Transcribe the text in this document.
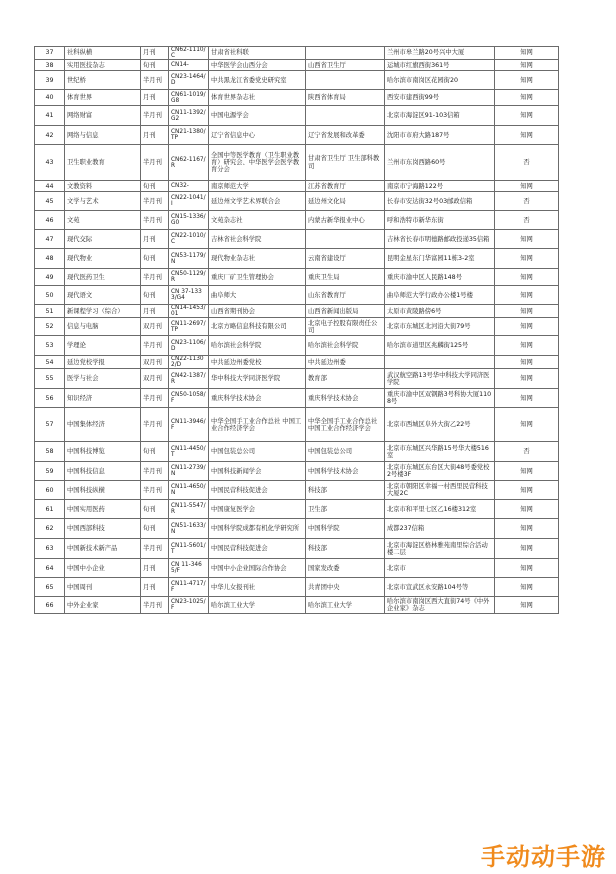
37	社科纵横	月刊	CN62-1110/C	甘肃省社科联		兰州市皋兰路20号兴中大厦	知网
38	实用医技杂志	旬刊	CN14-	中华医学会山西分会	山西省卫生厅	运城市红旗西街361号	知网
39	世纪桥	半月刊	CN23-1464/D	中共黑龙江省委党史研究室		哈尔滨市南岗区花园街20	知网
40	体育世界	月刊	CN61-1019/G8	体育世界杂志社	陕西省体育局	西安市建西街99号	知网
41	网络财富	半月刊	CN11-1392/G2	中国电源学会		北京市海淀区91-103信箱	知网
42	网络与信息	月刊	CN21-1380/TP	辽宁省信息中心	辽宁省发展和改革委	沈阳市市府大路187号	知网
43	卫生职业教育	半月刊	CN62-1167/R	全国中等医学教育（卫生职业教育）研究会、中华医学会医学教育分会	甘肃省卫生厅 卫生部科教司	兰州市东岗西路60号	否
44	文教资料	旬刊	CN32-	南京师范大学	江苏省教育厅	南京市宁海路122号	知网
45	文学与艺术	半月刊	CN22-1041/I	延边州文学艺术界联合会	延边州文化局	长春市安达街32号03邮政信箱	否
46	文苑	半月刊	CN15-1336/G0	文苑杂志社	内蒙古新华报业中心	呼和浩特市新华东街	否
47	现代交际	月刊	CN22-1010/C	吉林省社会科学院		吉林省长春市明德路邮政投递35信箱	知网
48	现代物业	旬刊	CN53-1179/N	现代物业杂志社	云南省建设厅	昆明金星东门华富园11栋3-2室	知网
49	现代医药卫生	半月刊	CN50-1129/R	重庆厂矿卫生管理协会	重庆卫生局	重庆市渝中区人民路148号	知网
50	现代语文	旬刊	CN 37-1333/G4	曲阜师大	山东省教育厅	曲阜师范大学行政办公楼1号楼	知网
51	新课程学习（综合）	月刊	CN14-1453/01	山西省期刊协会	山西省新闻出版局	太原市黄陵路傍6号	知网
52	信息与电脑	双月刊	CN11-2697/TP	北京方略信息科技有限公司	北京电子控股有限责任公司	北京市东城区北河沿大街79号	知网
53	学理论	半月刊	CN23-1106/D	哈尔滨社会科学院	哈尔滨社会科学院	哈尔滨市道里区兆麟街125号	知网
54	延边党校学报	双月刊	CN22-11302/D	中共延边州委党校	中共延边州委		知网
55	医学与社会	双月刊	CN42-1387/R	华中科技大学同济医学院	教育部	武汉航空路13号华中科技大学同济医学院	知网
56	知识经济	半月刊	CN50-1058/F	重庆科学技术协会	重庆科学技术协会	重庆市渝中区双钢路3号科协大厦1108号	知网
57	中国集体经济	半月刊	CN11-3946/F	中华全国手工业合作总社 中国工业合作经济学会	中华全国手工业合作总社中国工业合作经济学会	北京市西城区阜外大街乙22号	知网
58	中国科技博览	旬刊	CN11-4450/T	中国包装总公司	中国包装总公司	北京市东城区兴华路15号华大楼516室	否
59	中国科技信息	半月刊	CN11-2739/N	中国科技新闻学会	中国科学技术协会	北京市东城区东台区大街48号委党校2号楼3F	知网
60	中国科技纵横	半月刊	CN11-4650/N	中国民营科技促进会	科技部	北京市朝阳区幸福一村西里民营科技大厦2C	知网
61	中国实用医药	旬刊	CN11-5547/R	中国康复医学会	卫生部	北京市和平里七区乙16楼312室	知网
62	中国西部科技	旬刊	CN51-1633/N	中国科学院成都有机化学研究所	中国科学院	成都237信箱	知网
63	中国新技术新产品	半月刊	CN11-5601/T	中国民营科技促进会	科技部	北京市海淀区格林雅苑南里综合活动楼二层	知网
64	中国中小企业	月刊	CN 11-3465/F	中国中小企业国际合作协会	国家发改委	北京市	知网
65	中国周刊	月刊	CN11-4717/F	中华儿女报刊社	共青团中央	北京市宣武区永安路104号等	知网
66	中外企业家	半月刊	CN23-1025/F	哈尔滨工业大学	哈尔滨工业大学	哈尔滨市南岗区西大直街74号《中外企业家》杂志	知网
手动动手游
